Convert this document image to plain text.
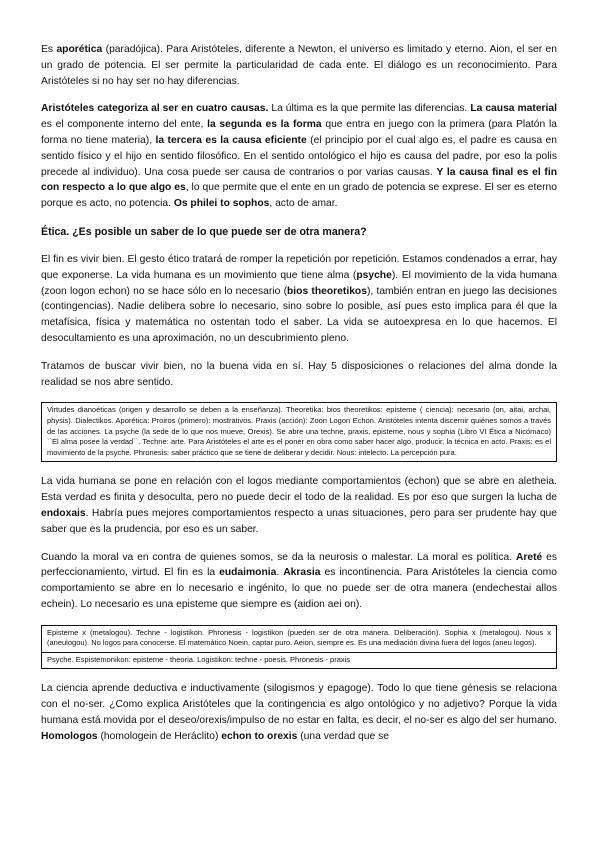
Es aporética (paradójica). Para Aristóteles, diferente a Newton, el universo es limitado y eterno. Aion, el ser en un grado de potencia. El ser permite la particularidad de cada ente. El diálogo es un reconocimiento. Para Aristóteles si no hay ser no hay diferencias.

Aristóteles categoriza al ser en cuatro causas. La última es la que permite las diferencias. La causa material es el componente interno del ente, la segunda es la forma que entra en juego con la primera (para Platón la forma no tiene materia), la tercera es la causa eficiente (el principio por el cual algo es, el padre es causa en sentido físico y el hijo en sentido filosófico. En el sentido ontológico el hijo es causa del padre, por eso la polis precede al individuo). Una cosa puede ser causa de contrarios o por varias causas. Y la causa final es el fin con respecto a lo que algo es, lo que permite que el ente en un grado de potencia se exprese. El ser es eterno porque es acto, no potencia. Os philei to sophos, acto de amar.

Ética. ¿Es posible un saber de lo que puede ser de otra manera?

El fin es vivir bien. El gesto ético tratará de romper la repetición por repetición. Estamos condenados a errar, hay que exponerse. La vida humana es un movimiento que tiene alma (psyche). El movimiento de la vida humana (zoon logon echon) no se hace sólo en lo necesario (bios theoretikos), también entran en juego las decisiones (contingencias). Nadie delibera sobre lo necesario, sino sobre lo posible, así pues esto implica para él que la metafísica, física y matemática no ostentan todo el saber. La vida se autoexpresa en lo que hacemos. El desocultamiento es una aproximación, no un descubrimiento pleno.

Tratamos de buscar vivir bien, no la buena vida en sí. Hay 5 disposiciones o relaciones del alma donde la realidad se nos abre sentido.

Virtudes dianoéticas (origen y desarrollo se deben a la enseñanza). Theoretika: bios theoretikos: episteme ( ciencia): necesario (on, aitai, archai, physis). Dialectikos. Aporética: Proiros (primero): mostrativos. Praxis (acción): Zoon Logon Echon. Aristóteles intenta discernir quiénes somos a través de las acciones. La psyche (la sede de lo que nos mueve, Orexis). Se abre una techne, praxis, episteme, nous y sophia (Libro VI Ética a Nicómaco) ``El alma posee la verdad``. Techne: arte. Para Aristóteles el arte es el poner en obra como saber hacer algo, producir, la técnica en acto. Praxis: es el movimiento de la psyche. Phronesis: saber práctico que se tiene de deliberar y decidir. Nous: intelecto. La percepción pura.

La vida humana se pone en relación con el logos mediante comportamientos (echon) que se abre en aletheia. Esta verdad es finita y desoculta, pero no puede decir el todo de la realidad. Es por eso que surgen la lucha de endoxais. Habría pues mejores comportamientos respecto a unas situaciones, pero para ser prudente hay que saber que es la prudencia, por eso es un saber.

Cuando la moral va en contra de quienes somos, se da la neurosis o malestar. La moral es política. Areté es perfeccionamiento, virtud. El fin es la eudaimonia. Akrasia es incontinencia. Para Aristóteles la ciencia como comportamiento se abre en lo necesario e ingénito, lo que no puede ser de otra manera (endechestai allos echein). Lo necesario es una episteme que siempre es (aidion aei on).

Episteme x (metalogou). Techne - logistikon. Phronesis - logistikon (pueden ser de otra manera. Deliberación). Sophia x (metalogou). Nous x (aneulogou). No logos para conocerse. El matemático Noein, captar puro. Aeion, siempre es. Es una mediación divina fuera del logos (aneu logos).
Psyche. Espistemonikon: episteme - theoria. Logistikon: techne - poesis. Phronesis - praxis

La ciencia aprende deductiva e inductivamente (silogismos y epagoge). Todo lo que tiene génesis se relaciona con el no-ser. ¿Como explica Aristóteles que la contingencia es algo ontológico y no adjetivo? Porque la vida humana está movida por el deseo/orexis/impulso de no estar en falta, es decir, el no-ser es algo del ser humano. Homologos (homologein de Heráclito) echon to orexis (una verdad que se
